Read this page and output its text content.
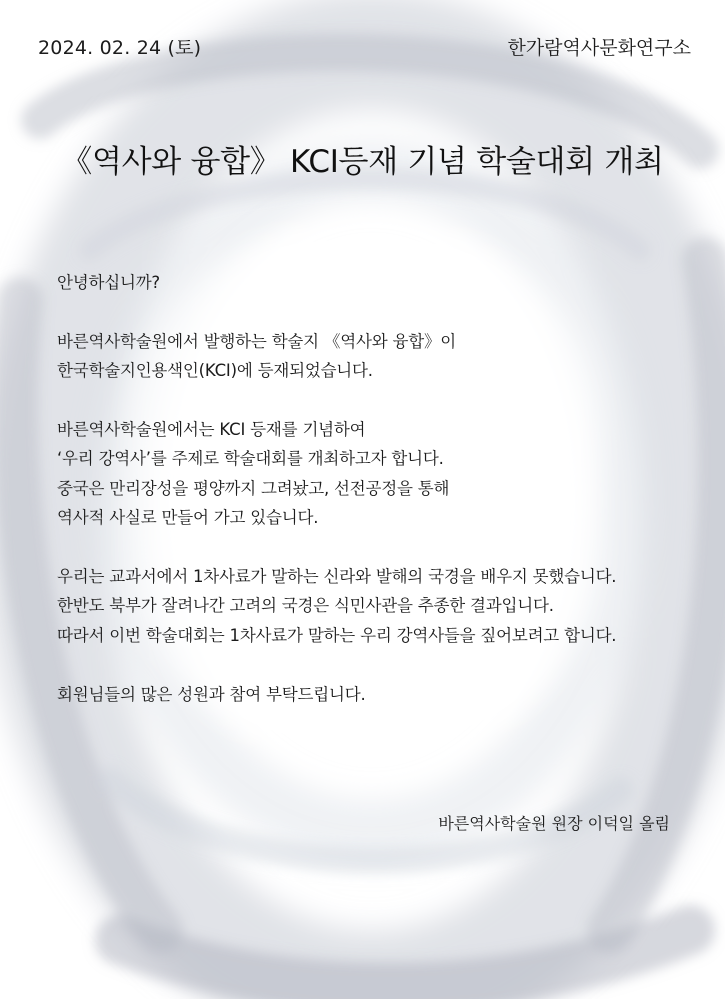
2024. 02. 24 (토)	한가람역사문화연구소
《역사와 융합》 KCI등재 기념 학술대회 개최

안녕하십니까?

바른역사학술원에서 발행하는 학술지 《역사와 융합》이
한국학술지인용색인(KCI)에 등재되었습니다.

바른역사학술원에서는 KCI 등재를 기념하여
‘우리 강역사’를 주제로 학술대회를 개최하고자 합니다.
중국은 만리장성을 평양까지 그려놨고, 선전공정을 통해
역사적 사실로 만들어 가고 있습니다.

우리는 교과서에서 1차사료가 말하는 신라와 발해의 국경을 배우지 못했습니다.
한반도 북부가 잘려나간 고려의 국경은 식민사관을 추종한 결과입니다.
따라서 이번 학술대회는 1차사료가 말하는 우리 강역사들을 짚어보려고 합니다.

회원님들의 많은 성원과 참여 부탁드립니다.

바른역사학술원 원장 이덕일 올림
